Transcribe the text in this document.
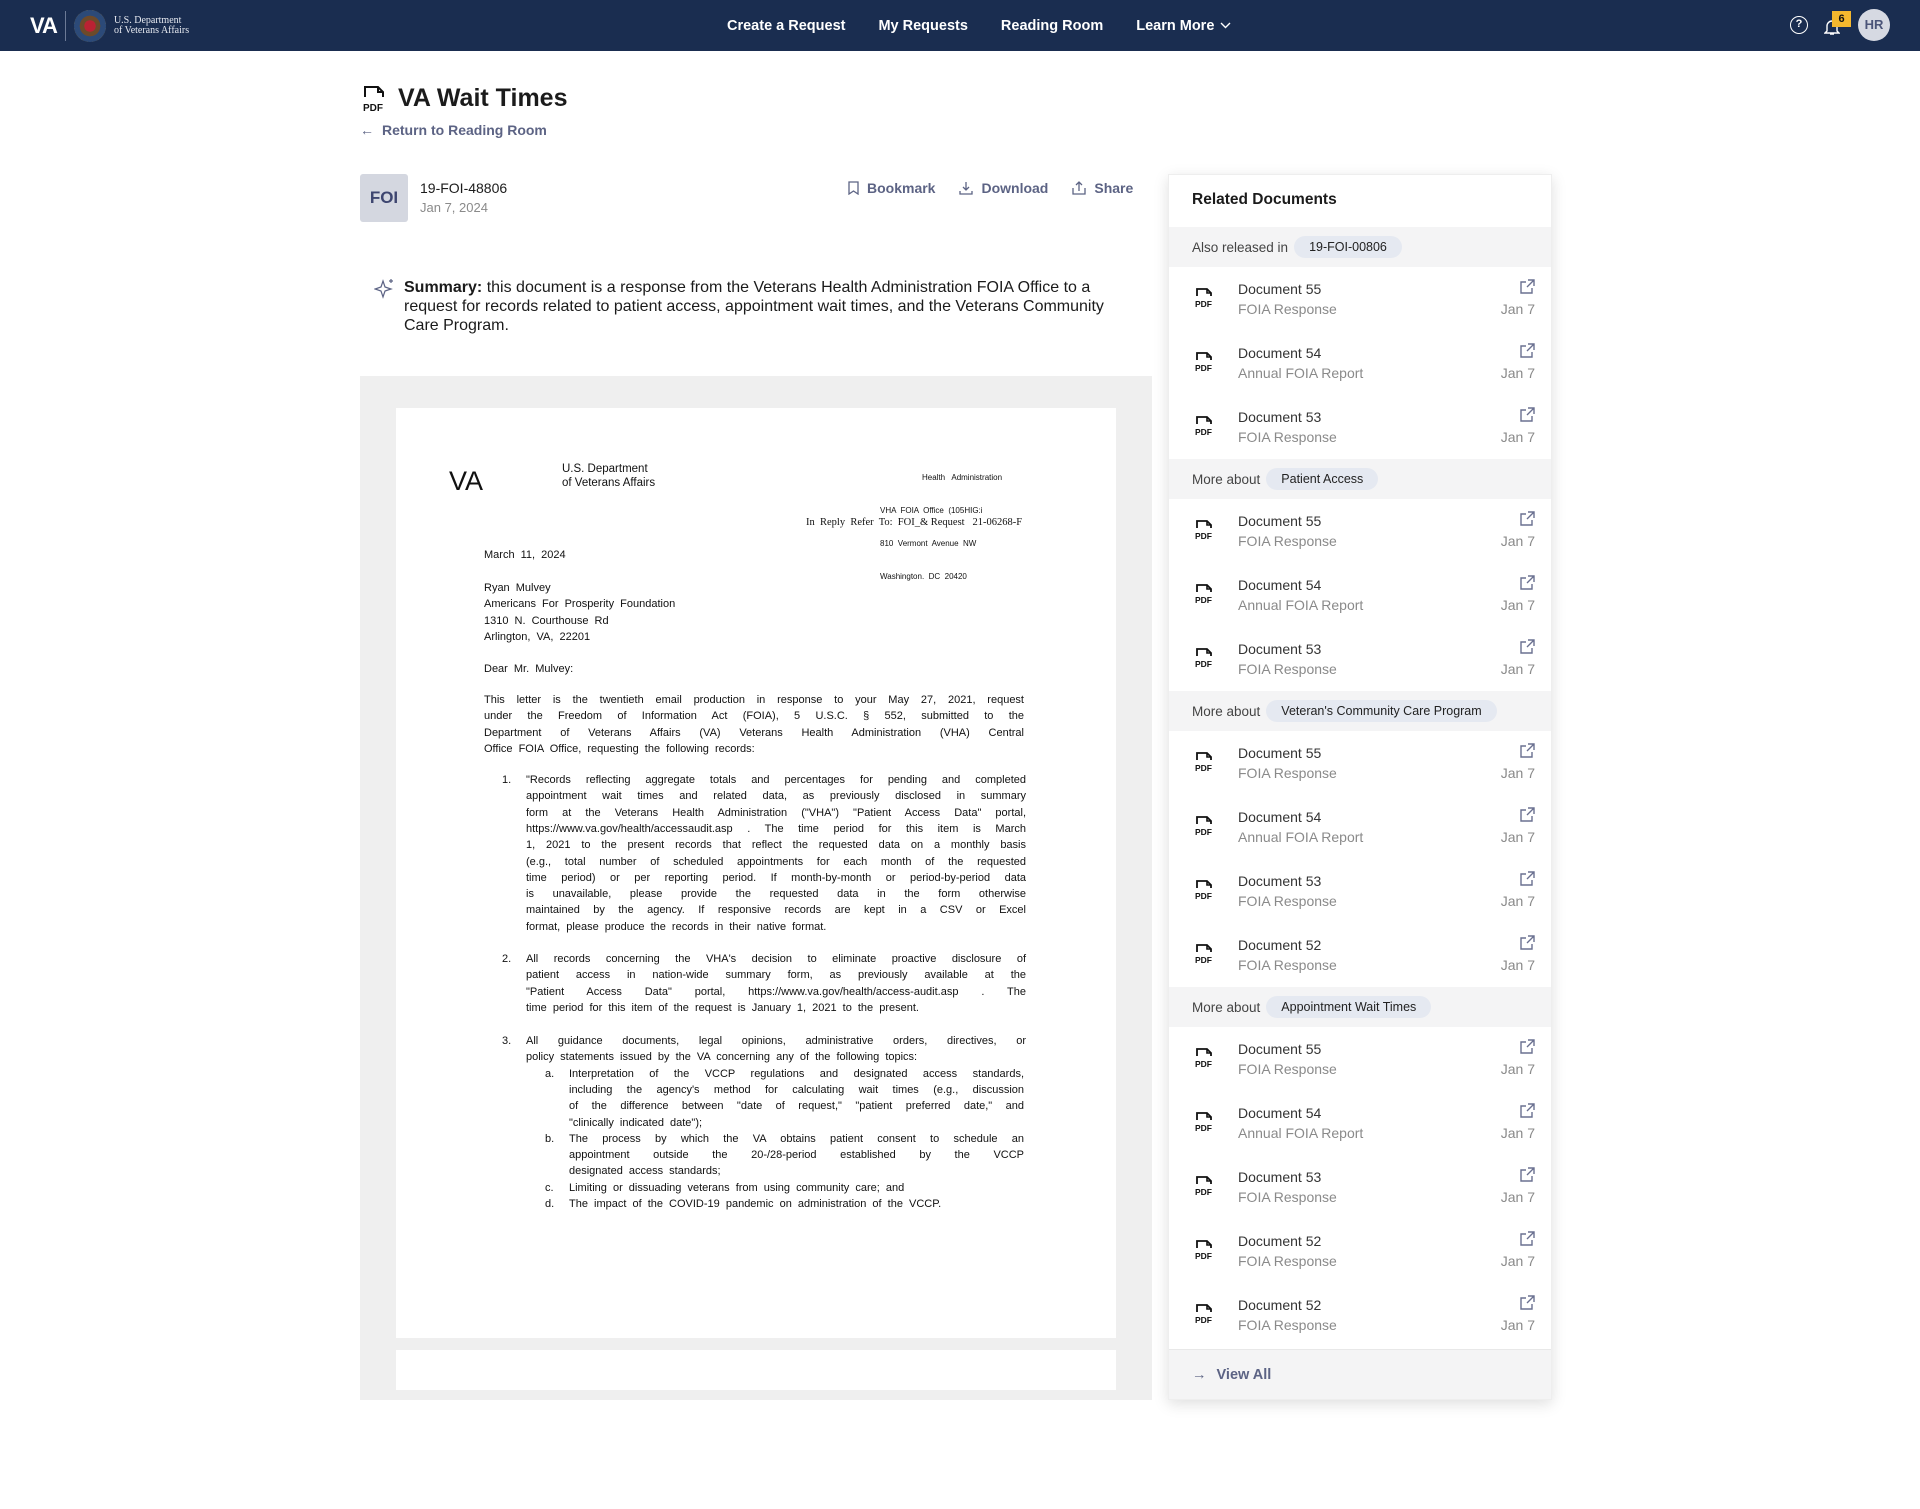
VA	U.S. Department
of Veterans Affairs	Create a Request My Requests Reading Room Learn More	?	6	HR
PDF VA Wait Times
← Return to Reading Room
FOI	19-FOI-48806
Jan 7, 2024
Bookmark	Download	Share
Summary: this document is a response from the Veterans Health Administration FOIA Office to a request for records related to patient access, appointment wait times, and the Veterans Community Care Program.
VA	U.S. Department
of Veterans Affairs

	Health   Administration

VHA  FOIA  Office  (105HIG:i

810  Vermont  Avenue  NW

Washington.  DC  20420

In  Reply  Refer  To:  FOI_& Request   21-06268-F
March 11, 2024
Ryan Mulvey
Americans For Prosperity Foundation
1310 N. Courthouse Rd
Arlington, VA, 22201
Dear Mr. Mulvey:
This letter is the twentieth email production in response to your May 27, 2021, request
under the Freedom of Information Act (FOIA), 5 U.S.C. § 552, submitted to the
Department of Veterans Affairs (VA) Veterans Health Administration (VHA) Central
Office FOIA Office, requesting the following records:
1. "Records reflecting aggregate totals and percentages for pending and completed
appointment wait times and related data, as previously disclosed in summary
form at the Veterans Health Administration ("VHA") "Patient Access Data" portal,
https://www.va.gov/health/accessaudit.asp . The time period for this item is March
1, 2021 to the present records that reflect the requested data on a monthly basis
(e.g., total number of scheduled appointments for each month of the requested
time period) or per reporting period. If month-by-month or period-by-period data
is unavailable, please provide the requested data in the form otherwise
maintained by the agency. If responsive records are kept in a CSV or Excel
format, please produce the records in their native format.
2. All records concerning the VHA's decision to eliminate proactive disclosure of
patient access in nation-wide summary form, as previously available at the
"Patient Access Data" portal, https://www.va.gov/health/access-audit.asp . The
time period for this item of the request is January 1, 2021 to the present.
3. All guidance documents, legal opinions, administrative orders, directives, or
policy statements issued by the VA concerning any of the following topics:
a. Interpretation of the VCCP regulations and designated access standards,
including the agency's method for calculating wait times (e.g., discussion
of the difference between "date of request," "patient preferred date," and
"clinically indicated date");
b. The process by which the VA obtains patient consent to schedule an
appointment outside the 20-/28-period established by the VCCP
designated access standards;
c. Limiting or dissuading veterans from using community care; and
d. The impact of the COVID-19 pandemic on administration of the VCCP.
Related Documents
Also released in	19-FOI-00806
PDF
Document 55
FOIA Response	Jan 7
PDF
Document 54
Annual FOIA Report	Jan 7
PDF
Document 53
FOIA Response	Jan 7
More about	Patient Access
PDF
Document 55
FOIA Response	Jan 7
PDF
Document 54
Annual FOIA Report	Jan 7
PDF
Document 53
FOIA Response	Jan 7
More about	Veteran's Community Care Program
PDF
Document 55
FOIA Response	Jan 7
PDF
Document 54
Annual FOIA Report	Jan 7
PDF
Document 53
FOIA Response	Jan 7
PDF
Document 52
FOIA Response	Jan 7
More about	Appointment Wait Times
PDF
Document 55
FOIA Response	Jan 7
PDF
Document 54
Annual FOIA Report	Jan 7
PDF
Document 53
FOIA Response	Jan 7
PDF
Document 52
FOIA Response	Jan 7
PDF
Document 52
FOIA Response	Jan 7
→ View All
